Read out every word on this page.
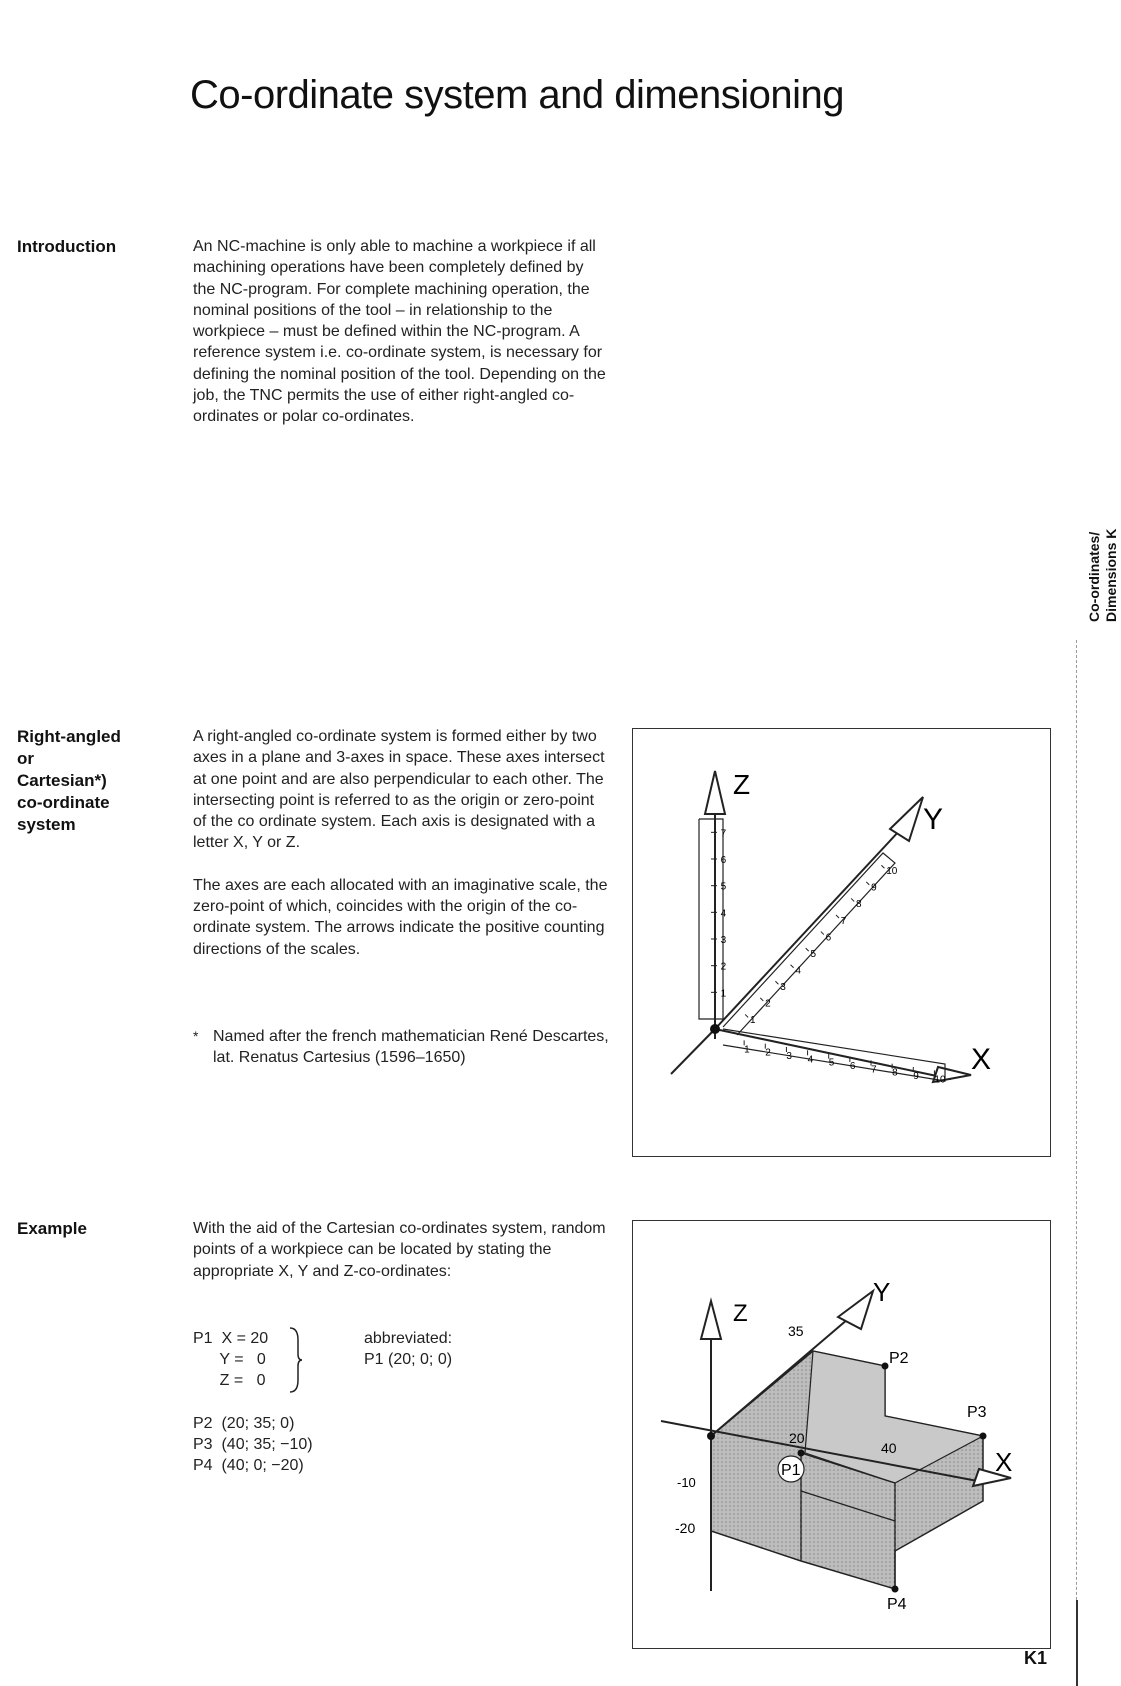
Co-ordinate system and dimensioning
Co-ordinates/
Dimensions K
Introduction	An NC-machine is only able to machine a workpiece if all machining operations have been completely defined by the NC-program. For complete machining operation, the nominal positions of the tool – in relationship to the workpiece – must be defined within the NC-program. A reference system i.e. co-ordinate system, is necessary for defining the nominal position of the tool. Depending on the job, the TNC permits the use of either right-angled co-ordinates or polar co-ordinates.

Right-angled
or
Cartesian*)
co-ordinate
system

A right-angled co-ordinate system is formed either by two axes in a plane and 3-axes in space. These axes intersect at one point and are also perpendicular to each other. The intersecting point is referred to as the origin or zero-point of the co ordinate system. Each axis is designated with a letter X, Y or Z.

The axes are each allocated with an imaginative scale, the zero-point of which, coincides with the origin of the co-ordinate system. The arrows indicate the positive counting directions of the scales.

* Named after the french mathematician René Descartes, lat. Renatus Cartesius (1596–1650)
Z
Y
X
1
2
3
4
5
6
7
1
2
3
4
5
6
7
8
9
10
1 2 3 4 5 6 7 8 9 10
Example	With the aid of the Cartesian co-ordinates system, random points of a workpiece can be located by stating the appropriate X, Y and Z-co-ordinates:

P1  X = 20
Y =   0
Z =   0
abbreviated:
P1 (20; 0; 0)
P2  (20; 35; 0)
P3  (40; 35; −10)
P4  (40; 0; −20)
Z
Y
X
35
20
40
-10
-20
P1
P2
P3
P4
K1
